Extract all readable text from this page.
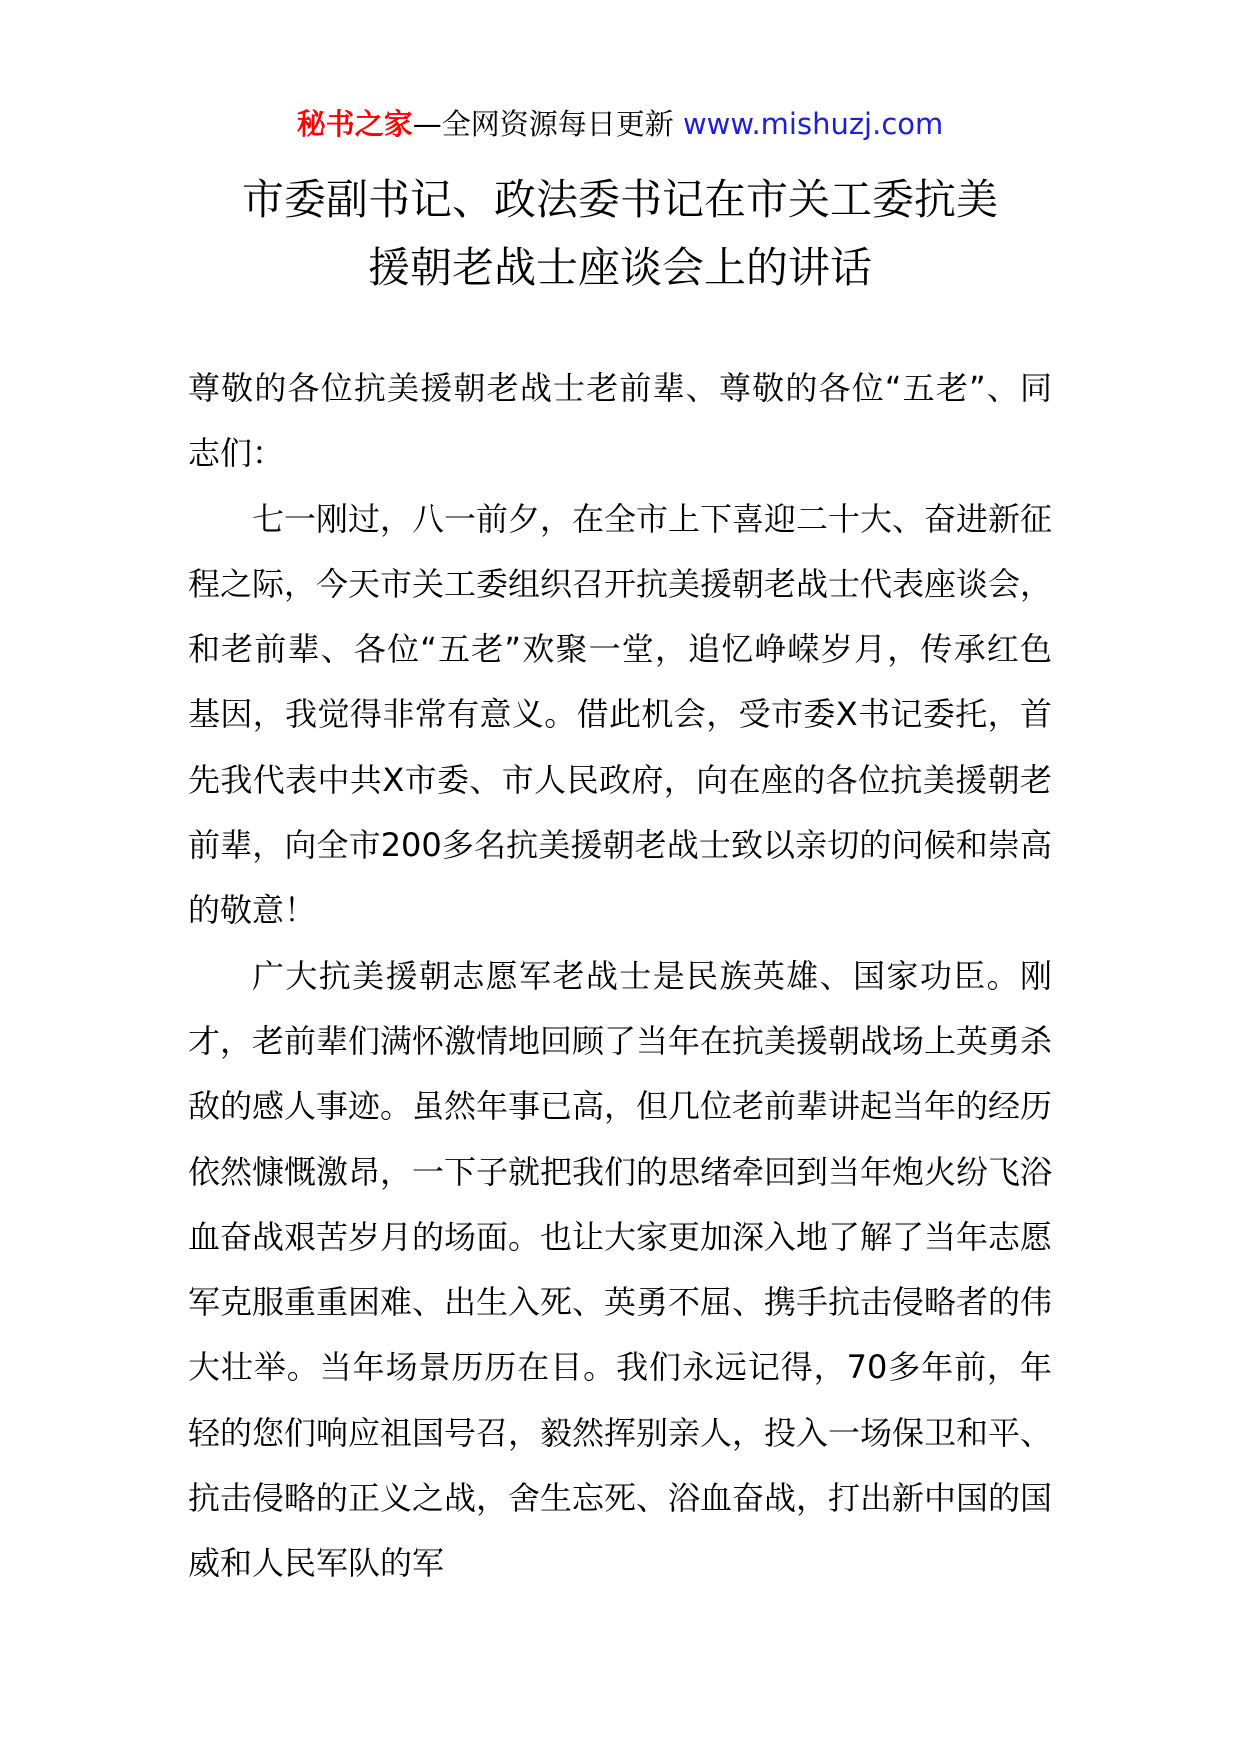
秘书之家—全网资源每日更新 www.mishuzj.com
市委副书记、政法委书记在市关工委抗美
援朝老战士座谈会上的讲话

尊敬的各位抗美援朝老战士老前辈、尊敬的各位“五老”、同志们：

七一刚过，八一前夕，在全市上下喜迎二十大、奋进新征程之际，今天市关工委组织召开抗美援朝老战士代表座谈会，和老前辈、各位“五老”欢聚一堂，追忆峥嵘岁月，传承红色基因，我觉得非常有意义。借此机会，受市委X书记委托，首先我代表中共X市委、市人民政府，向在座的各位抗美援朝老前辈，向全市200多名抗美援朝老战士致以亲切的问候和崇高的敬意！

广大抗美援朝志愿军老战士是民族英雄、国家功臣。刚才，老前辈们满怀激情地回顾了当年在抗美援朝战场上英勇杀敌的感人事迹。虽然年事已高，但几位老前辈讲起当年的经历依然慷慨激昂，一下子就把我们的思绪牵回到当年炮火纷飞浴血奋战艰苦岁月的场面。也让大家更加深入地了解了当年志愿军克服重重困难、出生入死、英勇不屈、携手抗击侵略者的伟大壮举。当年场景历历在目。我们永远记得，70多年前，年轻的您们响应祖国号召，毅然挥别亲人，投入一场保卫和平、抗击侵略的正义之战，舍生忘死、浴血奋战，打出新中国的国威和人民军队的军
